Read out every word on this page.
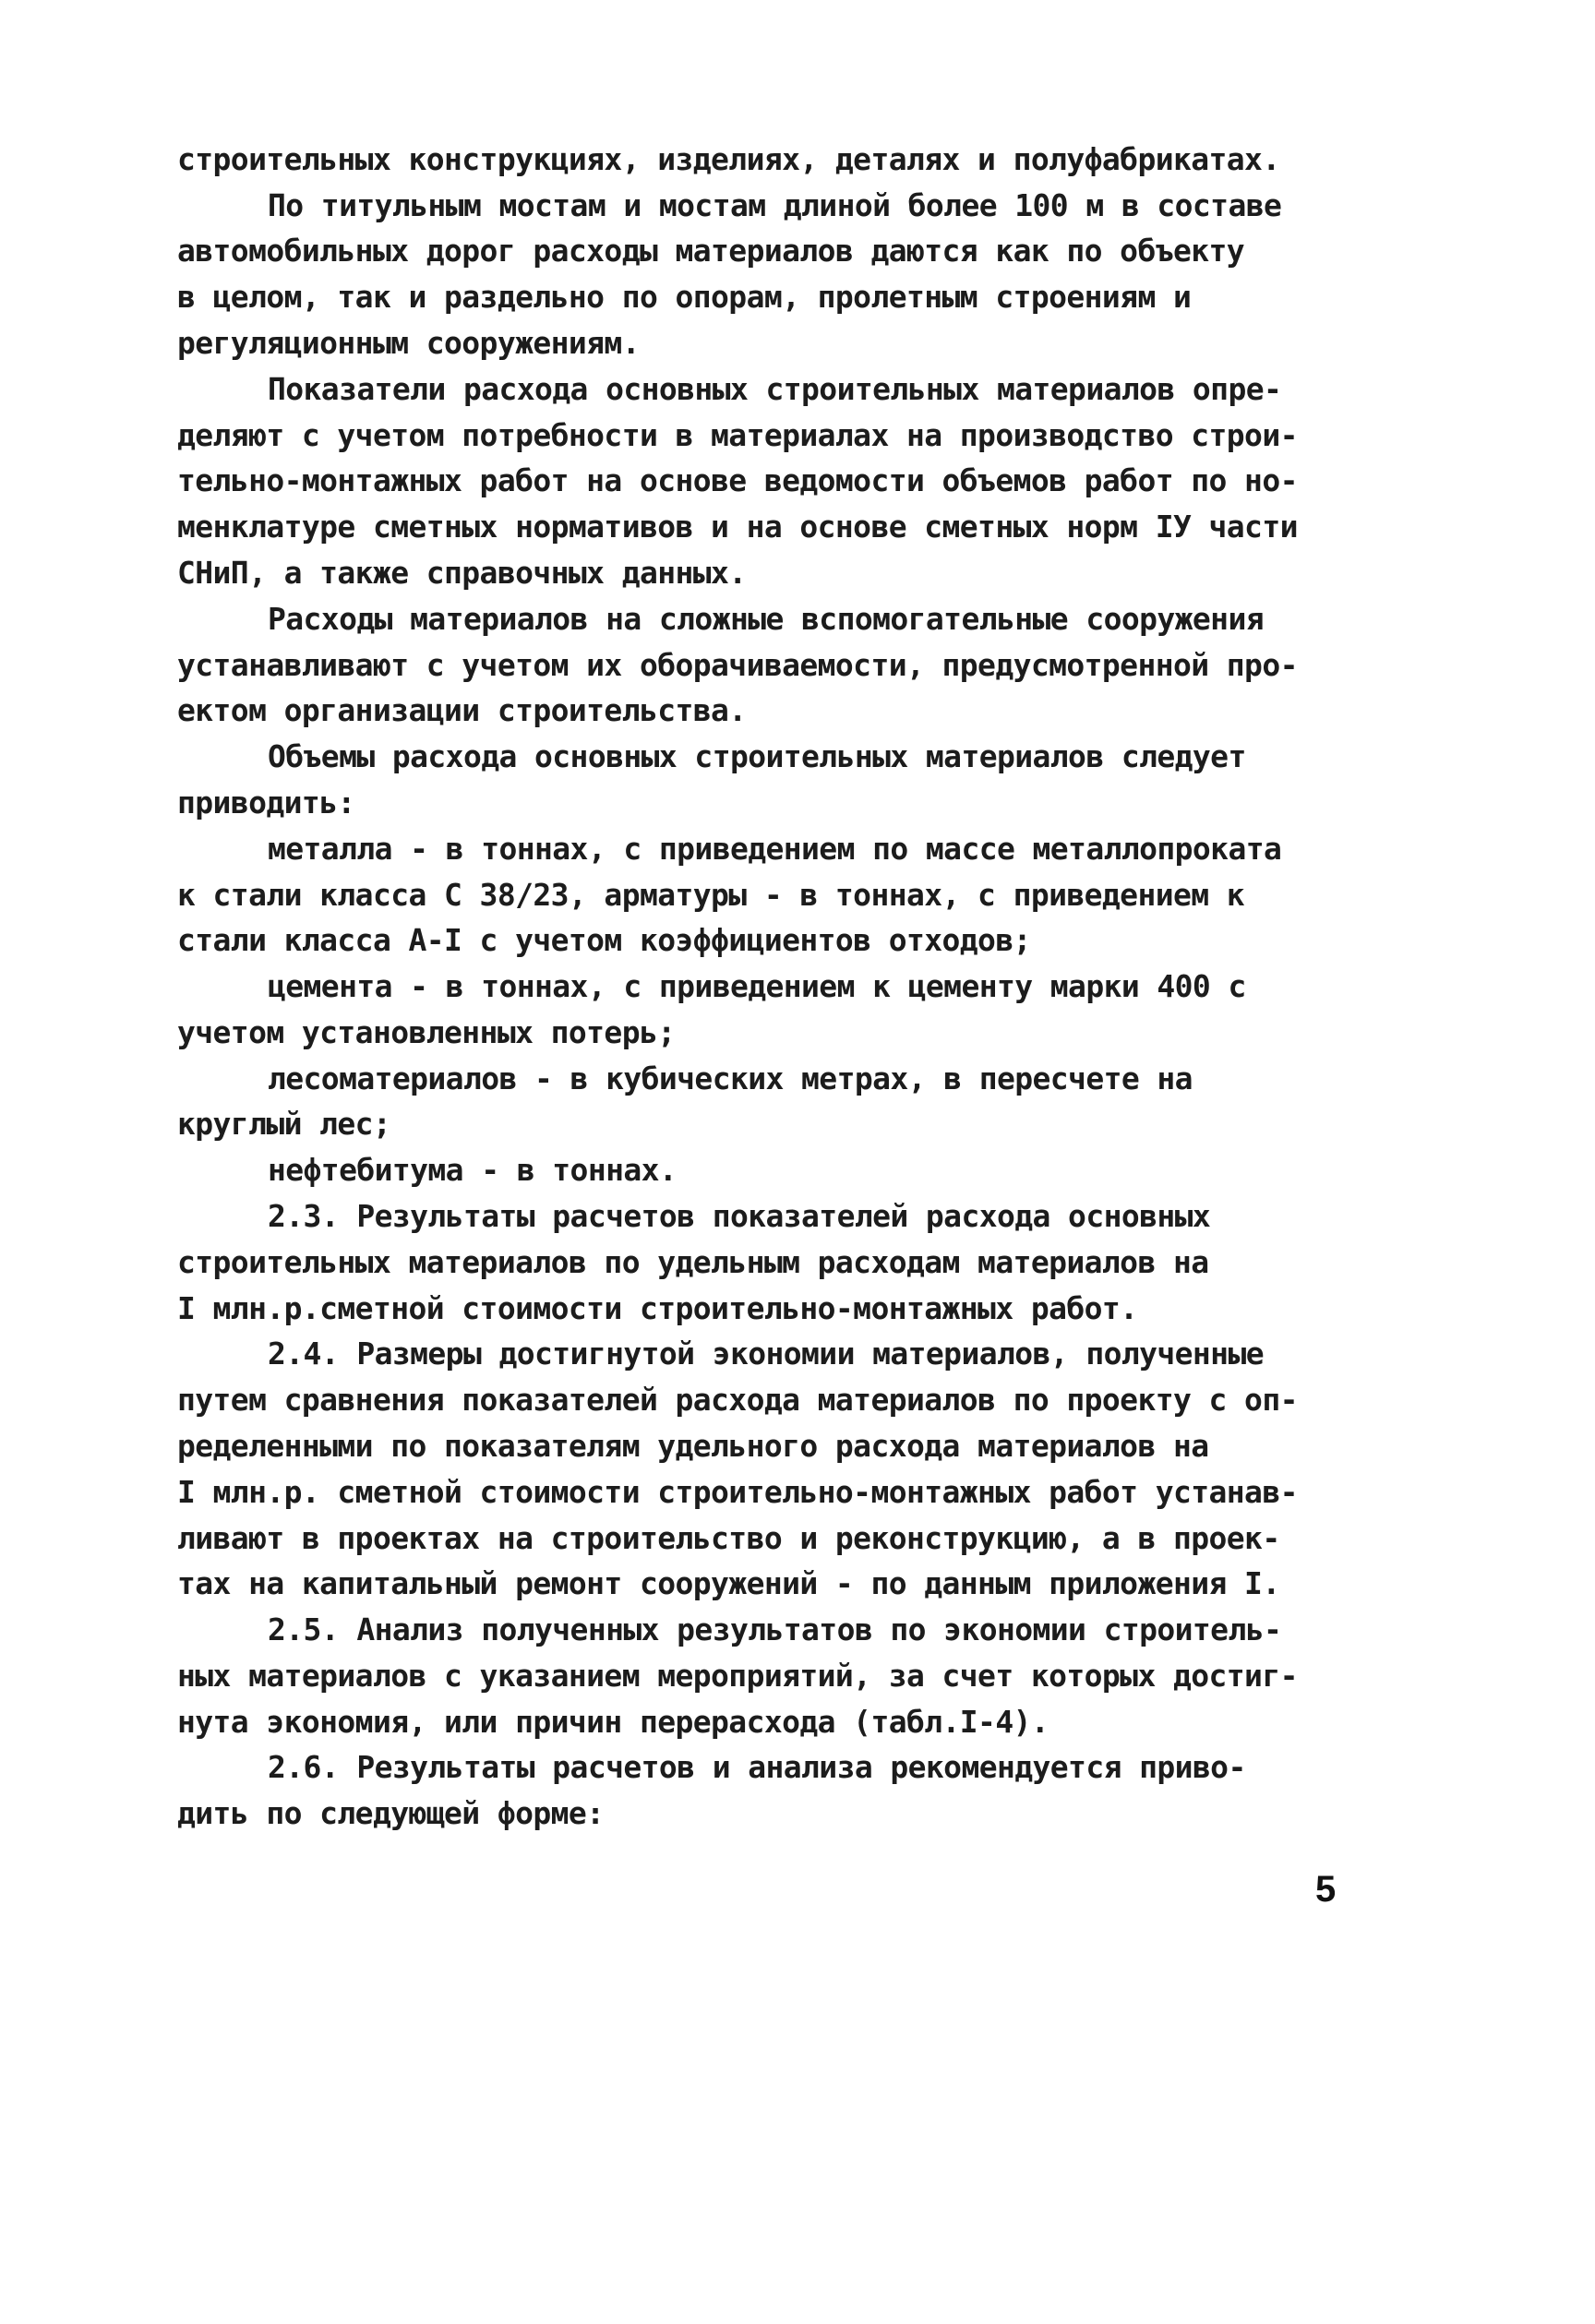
строительных конструкциях, изделиях, деталях и полуфабрикатах.
По титульным мостам и мостам длиной более 100 м в составе
автомобильных дорог расходы материалов даются как по объекту
в целом, так и раздельно по опорам, пролетным строениям и
регуляционным сооружениям.
Показатели расхода основных строительных материалов опре-
деляют с учетом потребности в материалах на производство строи-
тельно-монтажных работ на основе ведомости объемов работ по но-
менклатуре сметных нормативов и на основе сметных норм IУ части
СНиП, а также справочных данных.
Расходы материалов на сложные вспомогательные сооружения
устанавливают с учетом их оборачиваемости, предусмотренной про-
ектом организации строительства.
Объемы расхода основных строительных материалов следует
приводить:
металла - в тоннах, с приведением по массе металлопроката
к стали класса С 38/23, арматуры - в тоннах, с приведением к
стали класса А-I с учетом коэффициентов отходов;
цемента - в тоннах, с приведением к цементу марки 400 с
учетом установленных потерь;
лесоматериалов - в кубических метрах, в пересчете на
круглый лес;
нефтебитума - в тоннах.
2.3. Результаты расчетов показателей расхода основных
строительных материалов по удельным расходам материалов на
I млн.р.сметной стоимости строительно-монтажных работ.
2.4. Размеры достигнутой экономии материалов, полученные
путем сравнения показателей расхода материалов по проекту с оп-
ределенными по показателям удельного расхода материалов на
I млн.р. сметной стоимости строительно-монтажных работ устанав-
ливают в проектах на строительство и реконструкцию, а в проек-
тах на капитальный ремонт сооружений - по данным приложения I.
2.5. Анализ полученных результатов по экономии строитель-
ных материалов с указанием мероприятий, за счет которых достиг-
нута экономия, или причин перерасхода (табл.I-4).
2.6. Результаты расчетов и анализа рекомендуется приво-
дить по следующей форме:
5
